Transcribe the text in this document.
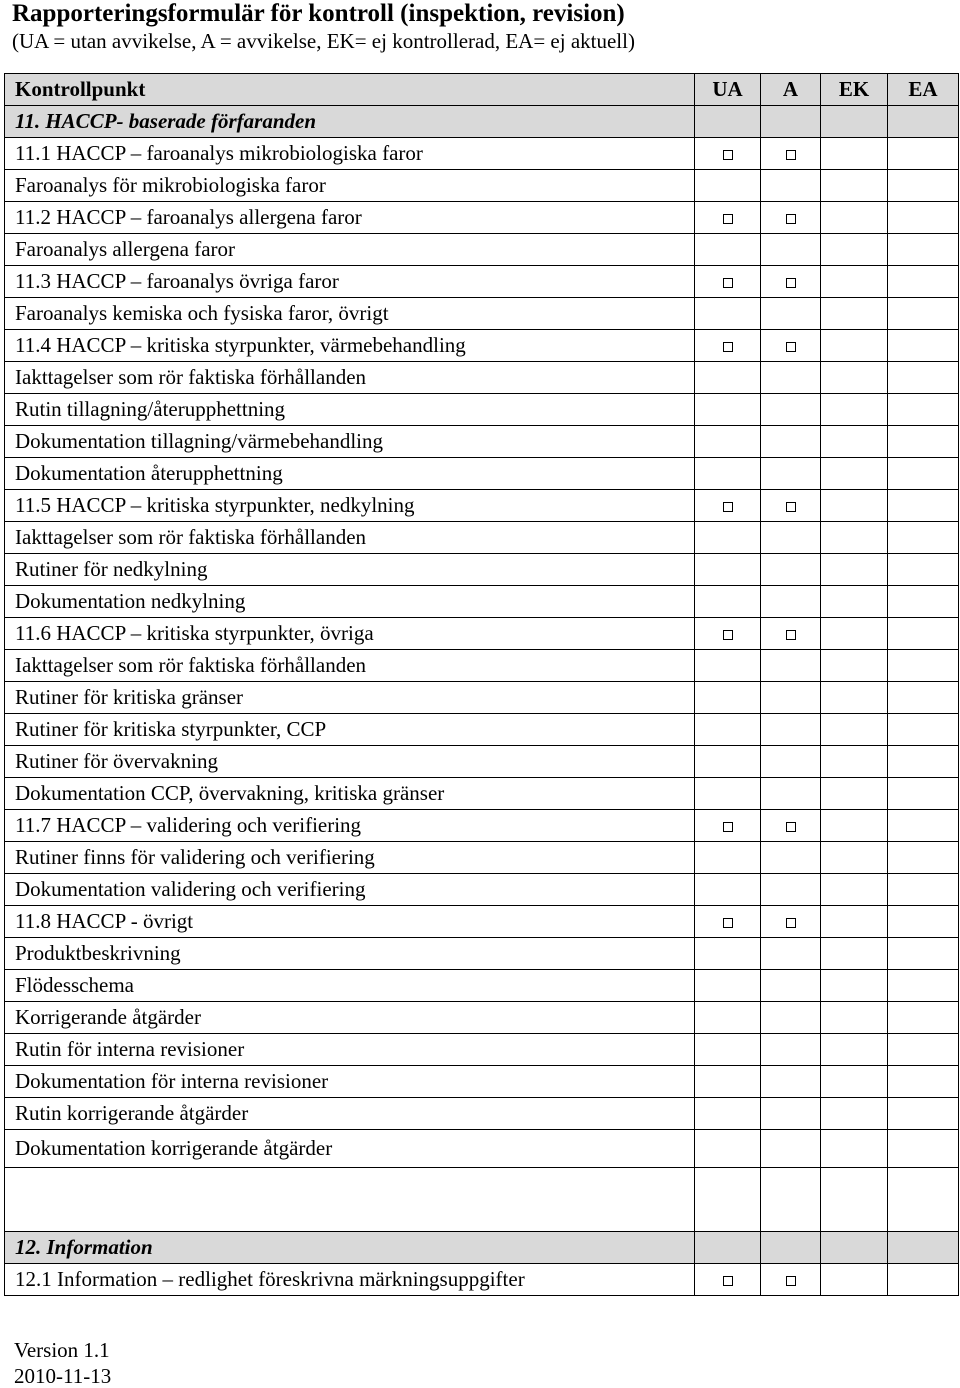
Rapporteringsformulär för kontroll (inspektion, revision)
(UA = utan avvikelse, A = avvikelse, EK= ej kontrollerad, EA= ej aktuell)
Kontrollpunkt	UA	A	EK	EA
11. HACCP- baserade förfaranden				
11.1 HACCP – faroanalys mikrobiologiska faror				
Faroanalys för mikrobiologiska faror				
11.2 HACCP – faroanalys allergena faror				
Faroanalys allergena faror				
11.3 HACCP – faroanalys övriga faror				
Faroanalys kemiska och fysiska faror, övrigt				
11.4 HACCP – kritiska styrpunkter, värmebehandling				
Iakttagelser som rör faktiska förhållanden				
Rutin tillagning/återupphettning				
Dokumentation tillagning/värmebehandling				
Dokumentation återupphettning				
11.5 HACCP – kritiska styrpunkter, nedkylning				
Iakttagelser som rör faktiska förhållanden				
Rutiner för nedkylning				
Dokumentation nedkylning				
11.6 HACCP – kritiska styrpunkter, övriga				
Iakttagelser som rör faktiska förhållanden				
Rutiner för kritiska gränser				
Rutiner för kritiska styrpunkter, CCP				
Rutiner för övervakning				
Dokumentation CCP, övervakning, kritiska gränser				
11.7 HACCP – validering och verifiering				
Rutiner finns för validering och verifiering				
Dokumentation validering och verifiering				
11.8 HACCP - övrigt				
Produktbeskrivning				
Flödesschema				
Korrigerande åtgärder				
Rutin för interna revisioner				
Dokumentation för interna revisioner				
Rutin korrigerande åtgärder				
Dokumentation korrigerande åtgärder				

12. Information				
12.1 Information – redlighet föreskrivna märkningsuppgifter				
Version 1.1
2010-11-13
